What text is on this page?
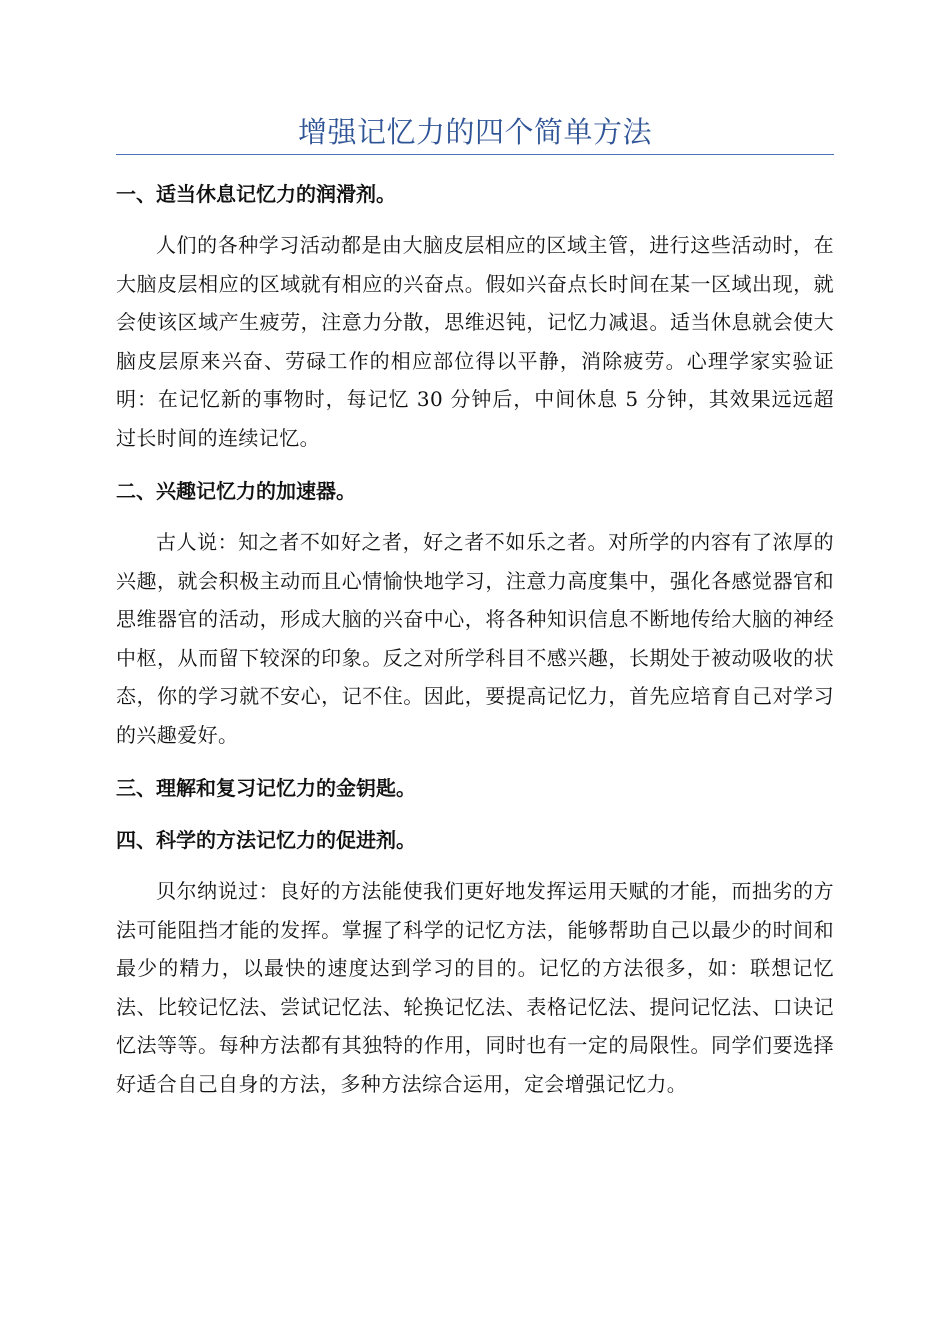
增强记忆力的四个简单方法
一、适当休息记忆力的润滑剂。

人们的各种学习活动都是由大脑皮层相应的区域主管，进行这些活动时，在大脑皮层相应的区域就有相应的兴奋点。假如兴奋点长时间在某一区域出现，就会使该区域产生疲劳，注意力分散，思维迟钝，记忆力减退。适当休息就会使大脑皮层原来兴奋、劳碌工作的相应部位得以平静，消除疲劳。心理学家实验证明：在记忆新的事物时，每记忆 30 分钟后，中间休息 5 分钟，其效果远远超过长时间的连续记忆。

二、兴趣记忆力的加速器。

古人说：知之者不如好之者，好之者不如乐之者。对所学的内容有了浓厚的兴趣，就会积极主动而且心情愉快地学习，注意力高度集中，强化各感觉器官和思维器官的活动，形成大脑的兴奋中心，将各种知识信息不断地传给大脑的神经中枢，从而留下较深的印象。反之对所学科目不感兴趣，长期处于被动吸收的状态，你的学习就不安心，记不住。因此，要提高记忆力，首先应培育自己对学习的兴趣爱好。

三、理解和复习记忆力的金钥匙。
四、科学的方法记忆力的促进剂。

贝尔纳说过：良好的方法能使我们更好地发挥运用天赋的才能，而拙劣的方法可能阻挡才能的发挥。掌握了科学的记忆方法，能够帮助自己以最少的时间和最少的精力，以最快的速度达到学习的目的。记忆的方法很多，如：联想记忆法、比较记忆法、尝试记忆法、轮换记忆法、表格记忆法、提问记忆法、口诀记忆法等等。每种方法都有其独特的作用，同时也有一定的局限性。同学们要选择好适合自己自身的方法，多种方法综合运用，定会增强记忆力。
